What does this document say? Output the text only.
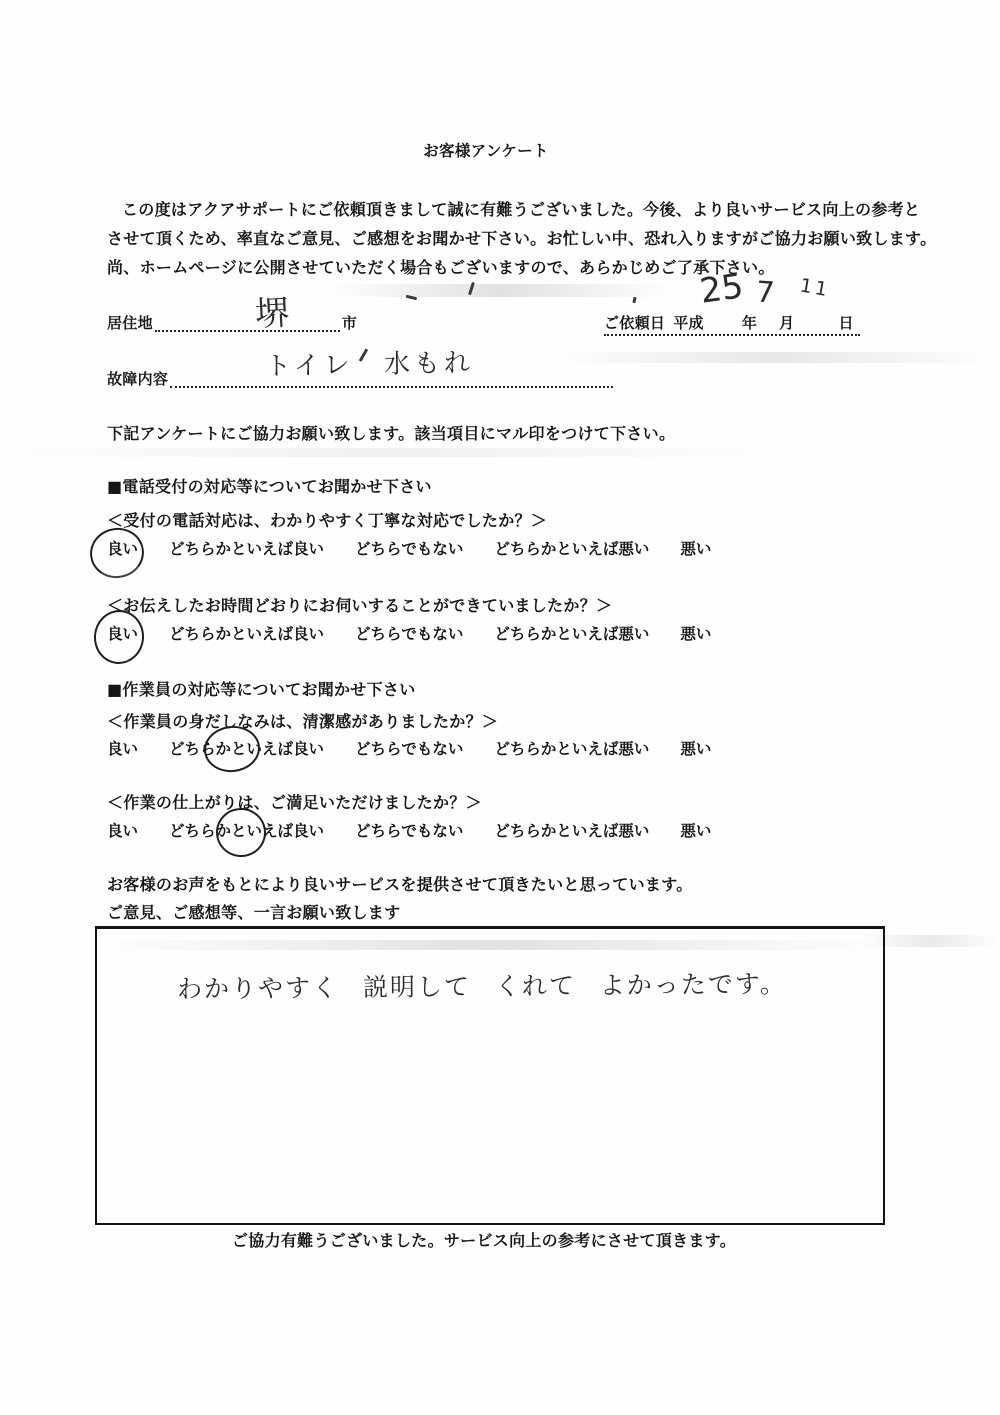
お客様アンケート
この度はアクアサポートにご依頼頂きまして誠に有難うございました。今後、より良いサービス向上の参考と
させて頂くため、率直なご意見、ご感想をお聞かせ下さい。お忙しい中、恐れ入りますがご協力お願い致します。
尚、ホームページに公開させていただく場合もございますので、あらかじめご了承下さい。
居住地	堺	市	ご依頼日 平成	年 月	日
25 7 11
故障内容	トイレ 水もれ
下記アンケートにご協力お願い致します。該当項目にマル印をつけて下さい。
■電話受付の対応等についてお聞かせ下さい
＜受付の電話対応は、わかりやすく丁寧な対応でしたか？＞
良い どちらかといえば良い どちらでもない どちらかといえば悪い 悪い
＜お伝えしたお時間どおりにお伺いすることができていましたか？＞
良い どちらかといえば良い どちらでもない どちらかといえば悪い 悪い
■作業員の対応等についてお聞かせ下さい
＜作業員の身だしなみは、清潔感がありましたか？＞
良い どちらかといえば良い どちらでもない どちらかといえば悪い 悪い
＜作業の仕上がりは、ご満足いただけましたか？＞
良い どちらかといえば良い どちらでもない どちらかといえば悪い 悪い
お客様のお声をもとにより良いサービスを提供させて頂きたいと思っています。
ご意見、ご感想等、一言お願い致します
わかりやすく 説明して くれて よかったです。
ご協力有難うございました。サービス向上の参考にさせて頂きます。
